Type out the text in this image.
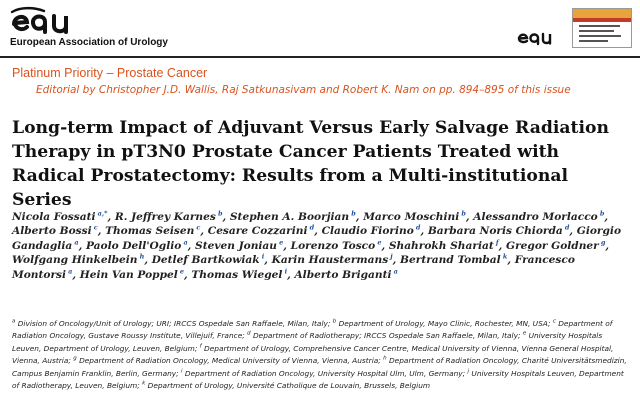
European Association of Urology
Platinum Priority – Prostate Cancer
Editorial by Christopher J.D. Wallis, Raj Satkunasivam and Robert K. Nam on pp. 894–895 of this issue
Long-term Impact of Adjuvant Versus Early Salvage Radiation Therapy in pT3N0 Prostate Cancer Patients Treated with Radical Prostatectomy: Results from a Multi-institutional Series
Nicola Fossati  $^{a,*}$, R. Jeffrey Karnes  $^b$, Stephen A. Boorjian  $^b$, Marco Moschini  $^b$, Alessandro Morlacco  $^b$, Alberto Bossi  $^c$, Thomas Seisen  $^c$, Cesare Cozzarini  $^d$, Claudio Fiorino  $^d$, Barbara Noris Chiorda  $^d$, Giorgio Gandaglia  $^a$, Paolo Dell'Oglio  $^a$, Steven Joniau  $^e$, Lorenzo Tosco  $^e$, Shahrokh Shariat  $^f$, Gregor Goldner  $^g$, Wolfgang Hinkelbein  $^h$, Detlef Bartkowiak  $^i$, Karin Haustermans  $^j$, Bertrand Tombal  $^k$, Francesco Montorsi  $^a$, Hein Van Poppel  $^e$, Thomas Wiegel  $^i$, Alberto Briganti  $^a$
$^a$ Division of Oncology/Unit of Urology; URI; IRCCS Ospedale San Raffaele, Milan, Italy; $^b$ Department of Urology, Mayo Clinic, Rochester, MN, USA; $^c$ Department of Radiation Oncology, Gustave Roussy Institute, Villejuif, France; $^d$ Department of Radiotherapy; IRCCS Ospedale San Raffaele, Milan, Italy; $^e$ University Hospitals Leuven, Department of Urology, Leuven, Belgium; $^f$ Department of Urology, Comprehensive Cancer Centre, Medical University of Vienna, Vienna General Hospital, Vienna, Austria; $^g$ Department of Radiation Oncology, Medical University of Vienna, Vienna, Austria; $^h$ Department of Radiation Oncology, Charité Universitätsmedizin, Campus Benjamin Franklin, Berlin, Germany; $^i$ Department of Radiation Oncology, University Hospital Ulm, Ulm, Germany; $^j$ University Hospitals Leuven, Department of Radiotherapy, Leuven, Belgium; $^k$ Department of Urology, Université Catholique de Louvain, Brussels, Belgium
